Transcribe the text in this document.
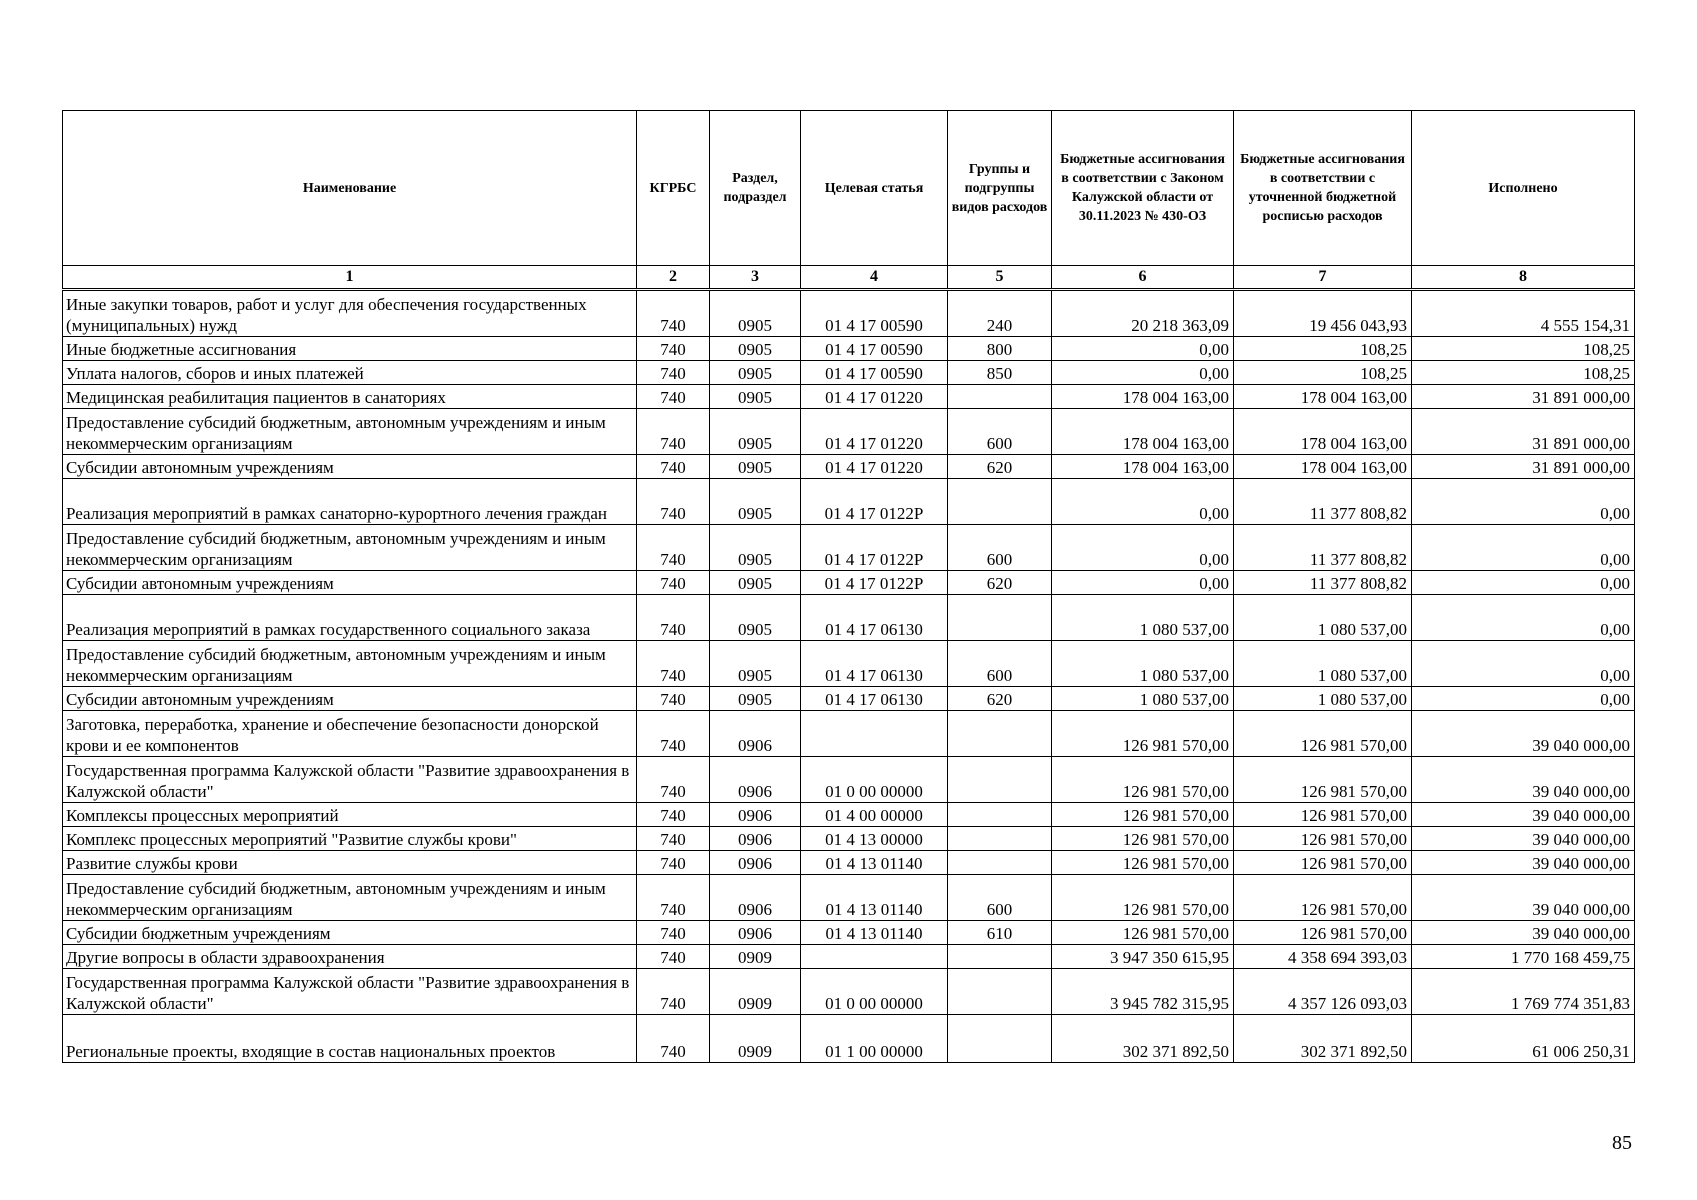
Наименование	КГРБС	Раздел, подраздел	Целевая статья	Группы и подгруппы видов расходов	Бюджетные ассигнования в соответствии с Законом Калужской области от 30.11.2023 № 430-ОЗ	Бюджетные ассигнования в соответствии с уточненной бюджетной росписью расходов	Исполнено
1	2	3	4	5	6	7	8
Иные закупки товаров, работ и услуг для обеспечения государственных (муниципальных) нужд	740	0905	01 4 17 00590	240	20 218 363,09	19 456 043,93	4 555 154,31
Иные бюджетные ассигнования	740	0905	01 4 17 00590	800	0,00	108,25	108,25
Уплата налогов, сборов и иных платежей	740	0905	01 4 17 00590	850	0,00	108,25	108,25
Медицинская реабилитация пациентов в санаториях	740	0905	01 4 17 01220		178 004 163,00	178 004 163,00	31 891 000,00
Предоставление субсидий бюджетным, автономным учреждениям и иным некоммерческим организациям	740	0905	01 4 17 01220	600	178 004 163,00	178 004 163,00	31 891 000,00
Субсидии автономным учреждениям	740	0905	01 4 17 01220	620	178 004 163,00	178 004 163,00	31 891 000,00
Реализация мероприятий в рамках санаторно-курортного лечения граждан	740	0905	01 4 17 0122Р		0,00	11 377 808,82	0,00
Предоставление субсидий бюджетным, автономным учреждениям и иным некоммерческим организациям	740	0905	01 4 17 0122Р	600	0,00	11 377 808,82	0,00
Субсидии автономным учреждениям	740	0905	01 4 17 0122Р	620	0,00	11 377 808,82	0,00
Реализация мероприятий в рамках государственного социального заказа	740	0905	01 4 17 06130		1 080 537,00	1 080 537,00	0,00
Предоставление субсидий бюджетным, автономным учреждениям и иным некоммерческим организациям	740	0905	01 4 17 06130	600	1 080 537,00	1 080 537,00	0,00
Субсидии автономным учреждениям	740	0905	01 4 17 06130	620	1 080 537,00	1 080 537,00	0,00
Заготовка, переработка, хранение и обеспечение безопасности донорской крови и ее компонентов	740	0906			126 981 570,00	126 981 570,00	39 040 000,00
Государственная программа Калужской области "Развитие здравоохранения в Калужской области"	740	0906	01 0 00 00000		126 981 570,00	126 981 570,00	39 040 000,00
Комплексы процессных мероприятий	740	0906	01 4 00 00000		126 981 570,00	126 981 570,00	39 040 000,00
Комплекс процессных мероприятий "Развитие службы крови"	740	0906	01 4 13 00000		126 981 570,00	126 981 570,00	39 040 000,00
Развитие службы крови	740	0906	01 4 13 01140		126 981 570,00	126 981 570,00	39 040 000,00
Предоставление субсидий бюджетным, автономным учреждениям и иным некоммерческим организациям	740	0906	01 4 13 01140	600	126 981 570,00	126 981 570,00	39 040 000,00
Субсидии бюджетным учреждениям	740	0906	01 4 13 01140	610	126 981 570,00	126 981 570,00	39 040 000,00
Другие вопросы в области здравоохранения	740	0909			3 947 350 615,95	4 358 694 393,03	1 770 168 459,75
Государственная программа Калужской области "Развитие здравоохранения в Калужской области"	740	0909	01 0 00 00000		3 945 782 315,95	4 357 126 093,03	1 769 774 351,83
Региональные проекты, входящие в состав национальных проектов	740	0909	01 1 00 00000		302 371 892,50	302 371 892,50	61 006 250,31
85
